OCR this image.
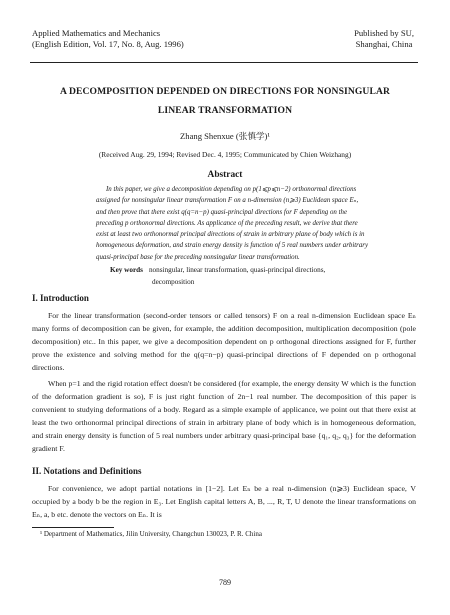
Applied Mathematics and Mechanics
(English Edition, Vol. 17, No. 8, Aug. 1996)
Published by SU,
Shanghai, China
A DECOMPOSITION DEPENDED ON DIRECTIONS FOR NONSINGULAR
LINEAR TRANSFORMATION
Zhang Shenxue (张慎学)¹
(Received Aug. 29, 1994; Revised Dec. 4, 1995; Communicated by Chien Weizhang)
Abstract

In this paper, we give a decomposition depending on p(1⩽p⩽n−2) orthonormal directions assigned for nonsingular linear transformation F on a n-dimension (n⩾3) Euclidean space Eₙ, and then prove that there exist q(q=n−p) quasi-principal directions for F depending on the preceding p orthonormal directions. As applicance of the preceding result, we derive that there exist at least two orthonormal principal directions of strain in arbitrary plane of body which is in homogeneous deformation, and strain energy density is function of 5 real numbers under arbitrary quasi-principal base for the preceding nonsingular linear transformation.

Key words nonsingular, linear transformation, quasi-principal directions,
decomposition
I. Introduction

For the linear transformation (second-order tensors or called tensors) F on a real n-dimension Euclidean space Eₙ many forms of decomposition can be given, for example, the addition decomposition, multiplication decomposition (pole decomposition) etc.. In this paper, we give a decomposition dependent on p orthogonal directions assigned for F, further prove the existence and solving method for the q(q=n−p) quasi-principal directions of F depended on p orthogonal directions.

When p=1 and the rigid rotation effect doesn't be considered (for example, the energy density W which is the function of the deformation gradient is so), F is just right function of 2n−1 real number. The decomposition of this paper is convenient to studying deformations of a body. Regard as a simple example of applicance, we point out that there exist at least the two orthonormal principal directions of strain in arbitrary plane of body which is in homogeneous deformation, and strain energy density is function of 5 real numbers under arbitrary quasi-principal base {q₁, q₂, q₃} for the deformation gradient F.

II. Notations and Definitions

For convenience, we adopt partial notations in [1−2]. Let Eₙ be a real n-dimension (n⩾3) Euclidean space, V occupied by a body b be the region in E₃. Let English capital letters A, B, ..., R, T, U denote the linear transformations on Eₙ, a, b etc. denote the vectors on Eₙ. It is

¹ Department of Mathematics, Jilin University, Changchun 130023, P. R. China
789
